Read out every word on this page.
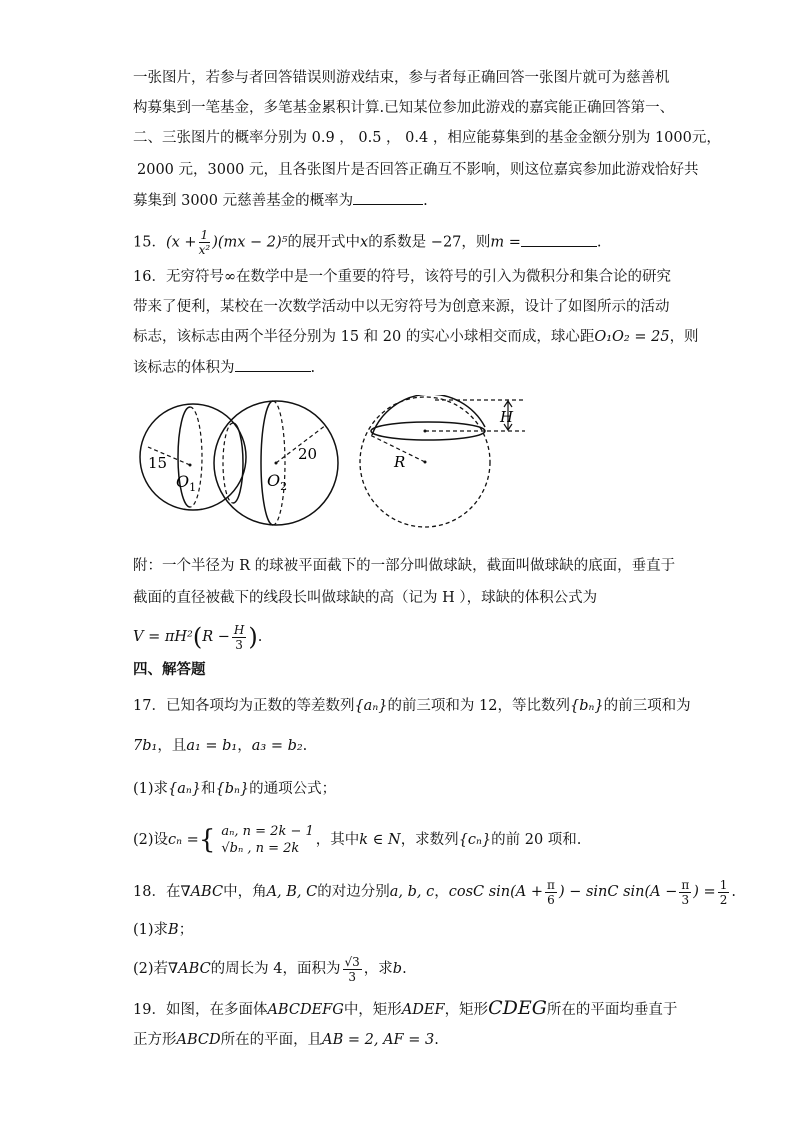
一张图片，若参与者回答错误则游戏结束，参与者每正确回答一张图片就可为慈善机
构募集到一笔基金，多笔基金累积计算.已知某位参加此游戏的嘉宾能正确回答第一、
二、三张图片的概率分别为 0.9 ， 0.5 ， 0.4 ，相应能募集到的基金金额分别为 1000元，
2000 元，3000 元，且各张图片是否回答正确互不影响，则这位嘉宾参加此游戏恰好共
募集到 3000 元慈善基金的概率为	.
15．$(x + \frac{1}{\text{x²}} )(mx - 2)^5$的展开式中x的系数是 −27，则m =	.
16．无穷符号∞在数学中是一个重要的符号，该符号的引入为微积分和集合论的研究
带来了便利，某校在一次数学活动中以无穷符号为创意来源，设计了如图所示的活动
标志，该标志由两个半径分别为 15 和 20 的实心小球相交而成，球心距O₁O₂ = 25，则
该标志的体积为	.
15	20
$O_1$	$O_2$
H
R
附：一个半径为 R 的球被平面截下的一部分叫做球缺，截面叫做球缺的底面，垂直于
截面的直径被截下的线段长叫做球缺的高（记为 H ），球缺的体积公式为
$V = \pi H^2(R - \frac{H}{3}$ ).
四、解答题
17．已知各项均为正数的等差数列{aₙ}的前三项和为 12，等比数列{bₙ}的前三项和为
7b₁，且a₁ = b₁，a₃ = b₂.
(1)求{aₙ}和{bₙ}的通项公式；
(2)设cₙ ={ aₙ, n = 2k − 1
√bₙ , n = 2k
，其中k ∈ N，求数列{cₙ}的前 20 项和.
18．在∇ABC中，角A, B, C的对边分别a, b, c，cosC $\sin(A + \frac{\pi}{6}$ ) − sinC $\sin(A - \frac{\pi}{3}$ ) = $\frac{1}{2}$ .
(1)求B；
(2)若∇ABC的周长为 4，面积为 $\frac{√3}{3}$ ，求b.
19．如图，在多面体ABCDEFG中，矩形ADEF，矩形CDEG所在的平面均垂直于
正方形ABCD所在的平面，且AB = 2, AF = 3.
